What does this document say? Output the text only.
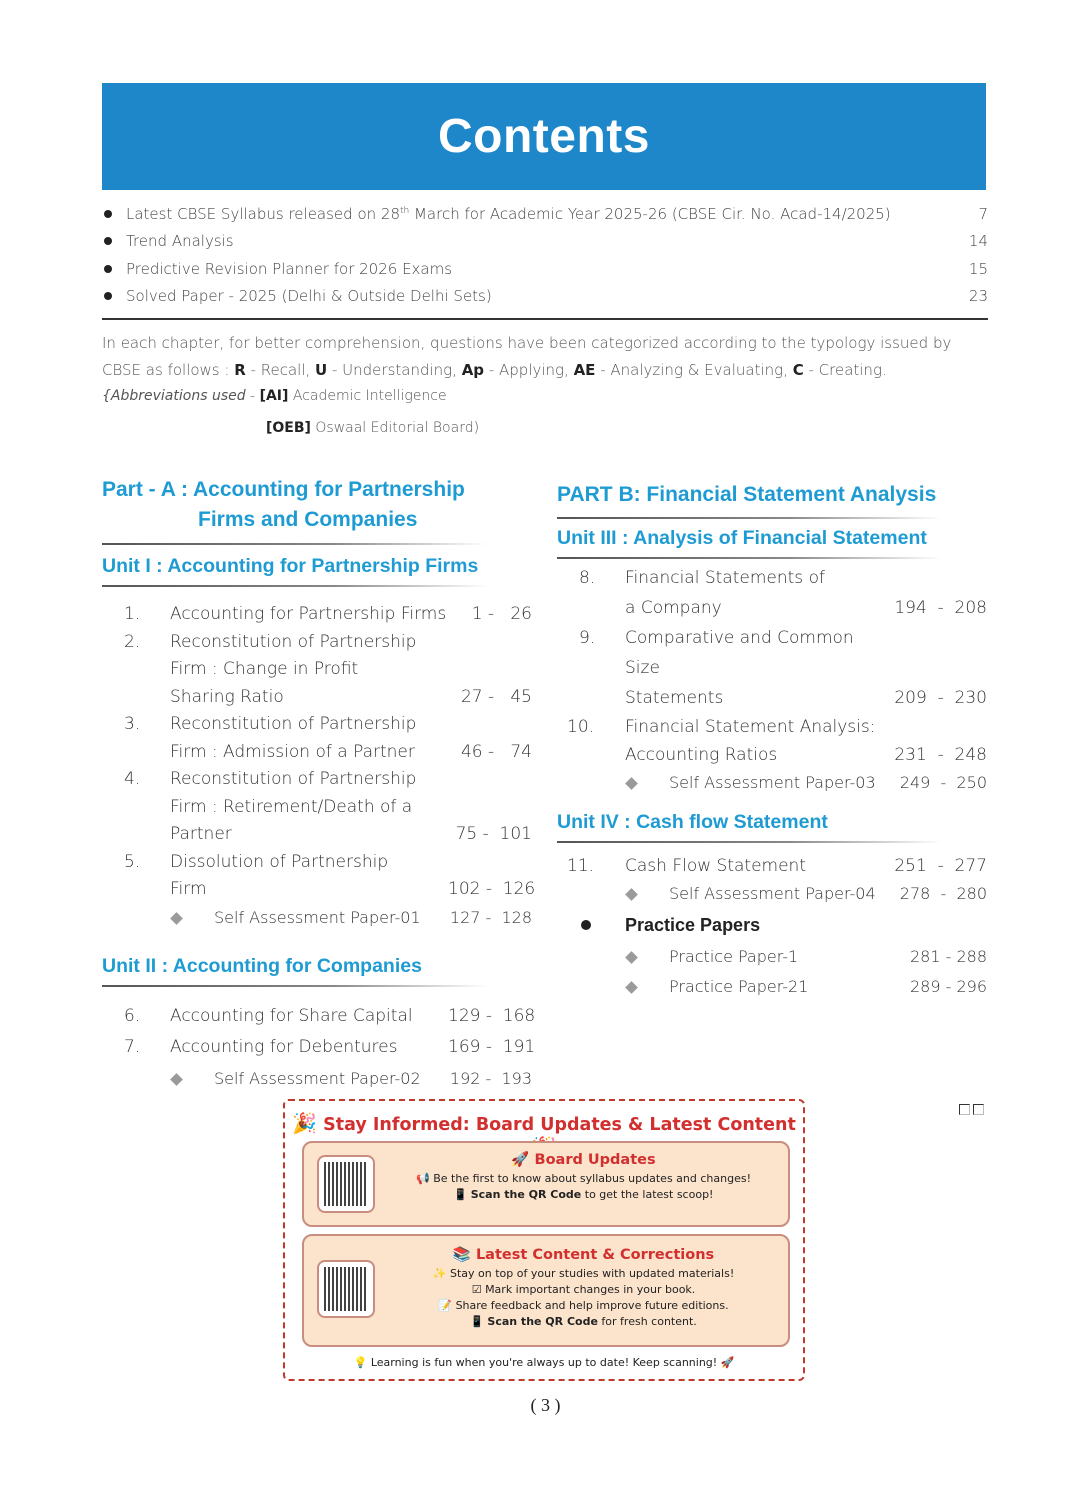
Contents
Latest CBSE Syllabus released on 28th March for Academic Year 2025-26 (CBSE Cir. No. Acad-14/2025)	7
Trend Analysis	14
Predictive Revision Planner for 2026 Exams	15
Solved Paper - 2025 (Delhi & Outside Delhi Sets)	23
In each chapter, for better comprehension, questions have been categorized according to the typology issued by
CBSE as follows : R - Recall, U - Understanding, Ap - Applying, AE - Analyzing & Evaluating, C - Creating.
{Abbreviations used - [AI] Academic Intelligence
[OEB] Oswaal Editorial Board)
Part - A : Accounting for Partnership
Firms and Companies
Unit I : Accounting for Partnership Firms
1.	Accounting for Partnership Firms	1 -   26
2.	Reconstitution of Partnership
Firm : Change in Profit
Sharing Ratio	27 -   45
3.	Reconstitution of Partnership
Firm : Admission of a Partner	46 -   74
4.	Reconstitution of Partnership
Firm : Retirement/Death of a
Partner	75 -  101
5.	Dissolution of Partnership
Firm	102 -  126
Self Assessment Paper-01	127 -  128
Unit II : Accounting for Companies
6.	Accounting for Share Capital	129 -  168
7.	Accounting for Debentures	169 -  191
Self Assessment Paper-02	192 -  193
PART B: Financial Statement Analysis
Unit III : Analysis of Financial Statement
8.	Financial Statements of
a Company	194  -  208
9.	Comparative and Common Size
Statements	209  -  230
10.	Financial Statement Analysis:
Accounting Ratios	231  -  248
Self Assessment Paper-03	249  -  250
Unit IV : Cash flow Statement
11.	Cash Flow Statement	251  -  277
Self Assessment Paper-04	278  -  280
Practice Papers
Practice Paper-1	281 - 288
Practice Paper-21	289 - 296
🎉 Stay Informed: Board Updates & Latest Content
🚀 Board Updates
📢 Be the first to know about syllabus updates and changes!
📱 Scan the QR Code to get the latest scoop!
📚 Latest Content & Corrections
✨ Stay on top of your studies with updated materials!
☑ Mark important changes in your book.
📝 Share feedback and help improve future editions.
📱 Scan the QR Code for fresh content.
💡 Learning is fun when you're always up to date! Keep scanning! 🚀
( 3 )
